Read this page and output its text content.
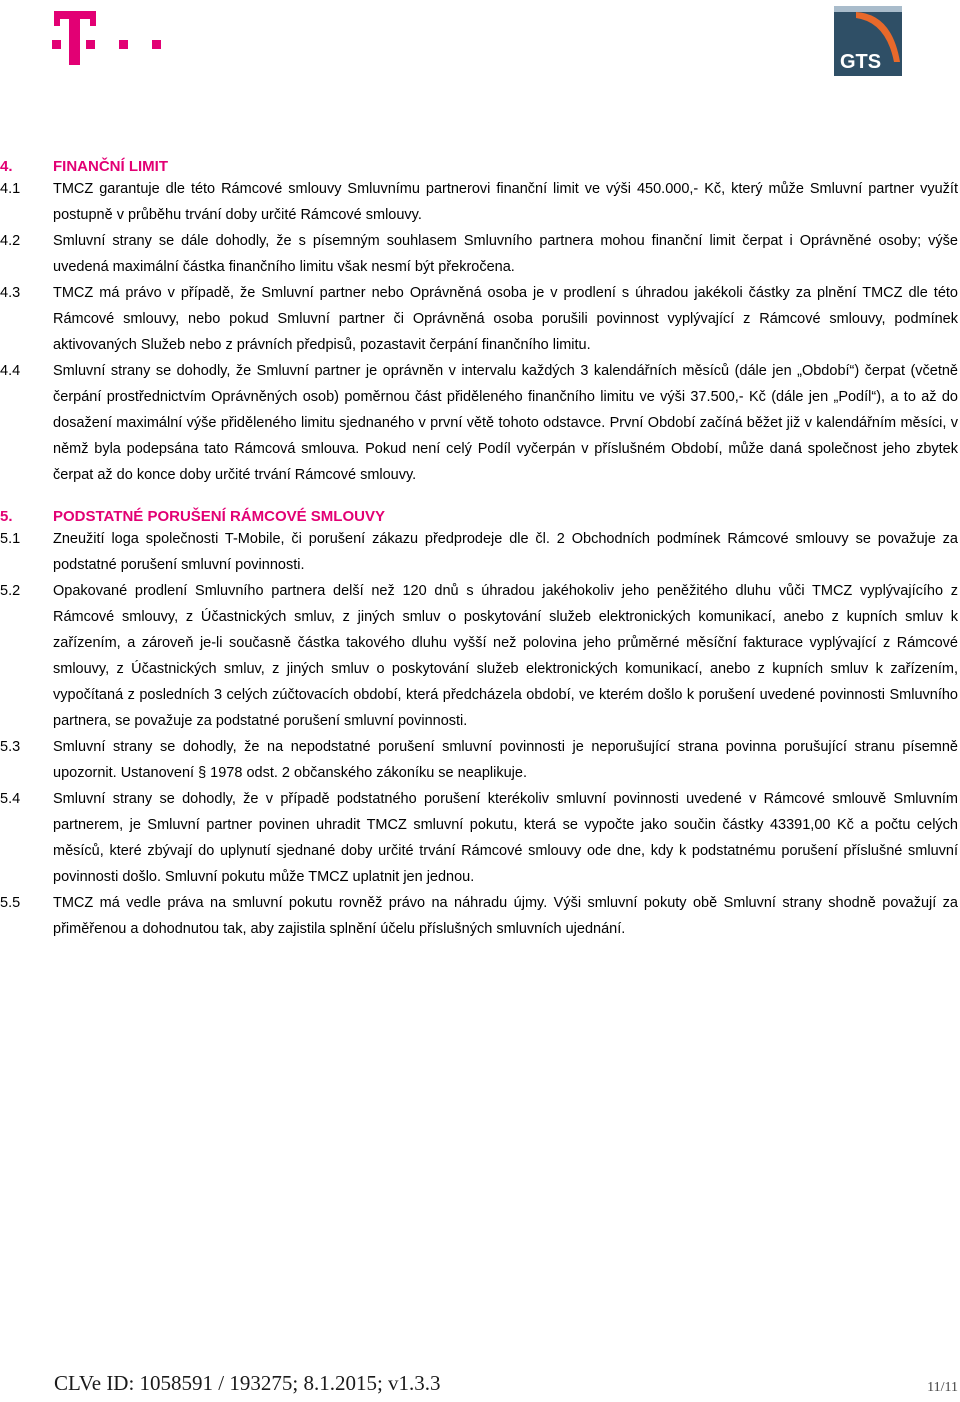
GTS
4.	FINANČNÍ LIMIT
4.1	TMCZ garantuje dle této Rámcové smlouvy Smluvnímu partnerovi finanční limit ve výši 450.000,- Kč, který může Smluvní partner využít postupně v průběhu trvání doby určité Rámcové smlouvy.
4.2	Smluvní strany se dále dohodly, že s písemným souhlasem Smluvního partnera mohou finanční limit čerpat i Oprávněné osoby; výše uvedená maximální částka finančního limitu však nesmí být překročena.
4.3	TMCZ má právo v případě, že Smluvní partner nebo Oprávněná osoba je v prodlení s úhradou jakékoli částky za plnění TMCZ dle této Rámcové smlouvy, nebo pokud Smluvní partner či Oprávněná osoba porušili povinnost vyplývající z Rámcové smlouvy, podmínek aktivovaných Služeb nebo z právních předpisů, pozastavit čerpání finančního limitu.
4.4	Smluvní strany se dohodly, že Smluvní partner je oprávněn v intervalu každých 3 kalendářních měsíců (dále jen „Období“) čerpat (včetně čerpání prostřednictvím Oprávněných osob) poměrnou část přiděleného finančního limitu ve výši 37.500,- Kč (dále jen „Podíl“), a to až do dosažení maximální výše přiděleného limitu sjednaného v první větě tohoto odstavce. První Období začíná běžet již v kalendářním měsíci, v němž byla podepsána tato Rámcová smlouva. Pokud není celý Podíl vyčerpán v příslušném Období, může daná společnost jeho zbytek čerpat až do konce doby určité trvání Rámcové smlouvy.
5.	PODSTATNÉ PORUŠENÍ RÁMCOVÉ SMLOUVY
5.1	Zneužití loga společnosti T-Mobile, či porušení zákazu předprodeje dle čl. 2 Obchodních podmínek Rámcové smlouvy se považuje za podstatné porušení smluvní povinnosti.
5.2	Opakované prodlení Smluvního partnera delší než 120 dnů s úhradou jakéhokoliv jeho peněžitého dluhu vůči TMCZ vyplývajícího z Rámcové smlouvy, z Účastnických smluv, z jiných smluv o poskytování služeb elektronických komunikací, anebo z kupních smluv k zařízením, a zároveň je-li současně částka takového dluhu vyšší než polovina jeho průměrné měsíční fakturace vyplývající z Rámcové smlouvy, z Účastnických smluv, z jiných smluv o poskytování služeb elektronických komunikací, anebo z kupních smluv k zařízením, vypočítaná z posledních 3 celých zúčtovacích období, která předcházela období, ve kterém došlo k porušení uvedené povinnosti Smluvního partnera, se považuje za podstatné porušení smluvní povinnosti.
5.3	Smluvní strany se dohodly, že na nepodstatné porušení smluvní povinnosti je neporušující strana povinna porušující stranu písemně upozornit. Ustanovení § 1978 odst. 2 občanského zákoníku se neaplikuje.
5.4	Smluvní strany se dohodly, že v případě podstatného porušení kterékoliv smluvní povinnosti uvedené v Rámcové smlouvě Smluvním partnerem, je Smluvní partner povinen uhradit TMCZ smluvní pokutu, která se vypočte jako součin částky 43391,00 Kč a počtu celých měsíců, které zbývají do uplynutí sjednané doby určité trvání Rámcové smlouvy ode dne, kdy k podstatnému porušení příslušné smluvní povinnosti došlo. Smluvní pokutu může TMCZ uplatnit jen jednou.
5.5	TMCZ má vedle práva na smluvní pokutu rovněž právo na náhradu újmy. Výši smluvní pokuty obě Smluvní strany shodně považují za přiměřenou a dohodnutou tak, aby zajistila splnění účelu příslušných smluvních ujednání.
CLVe ID: 1058591 / 193275; 8.1.2015; v1.3.3	11/11
